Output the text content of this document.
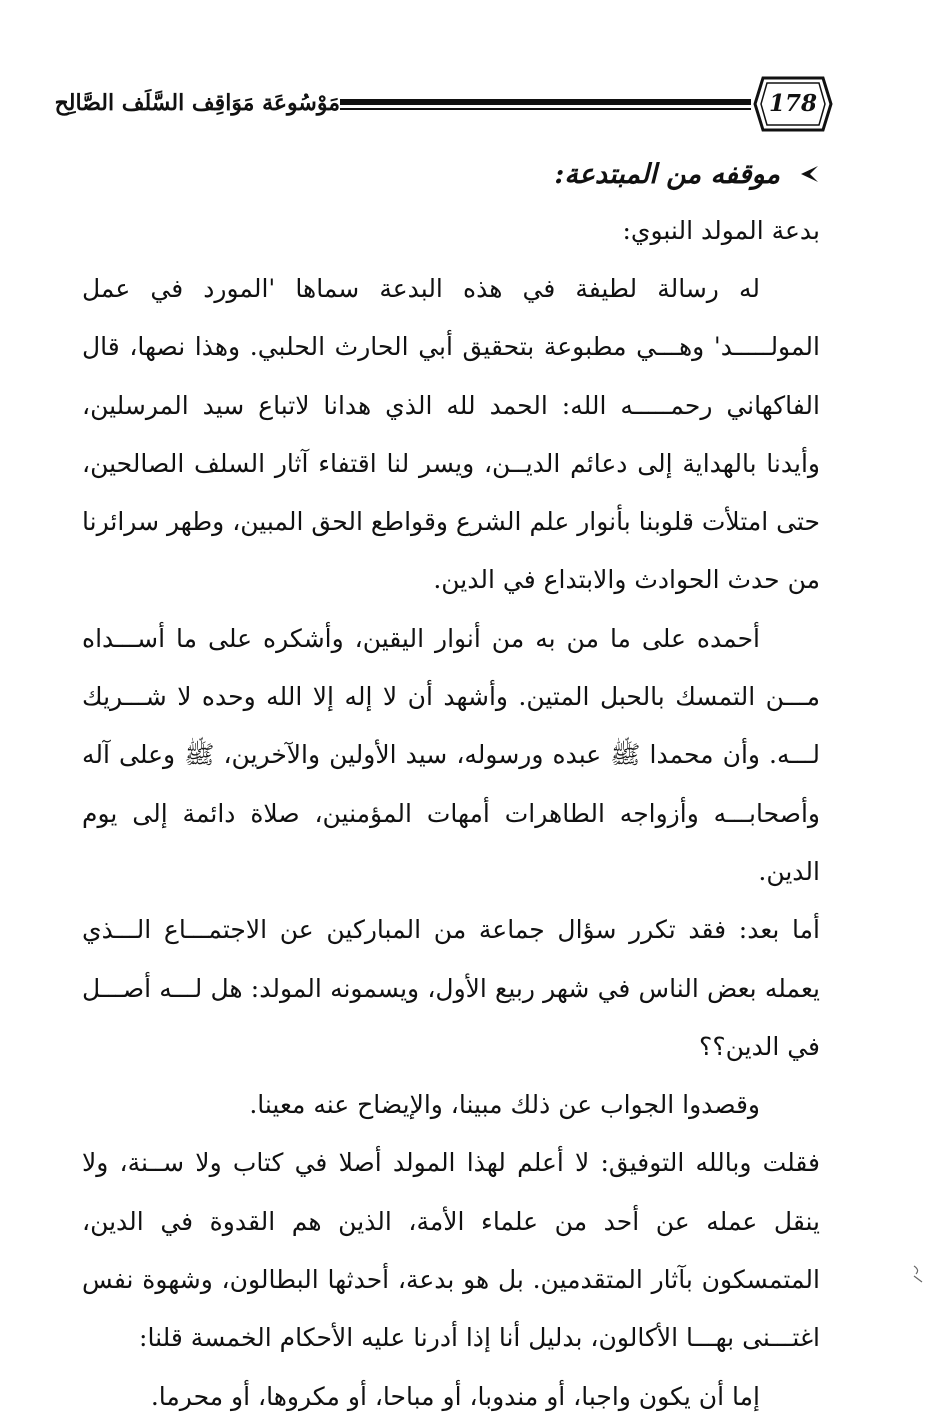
مَوْسُوعَة مَوَاقِف السَّلَف الصَّالِح	178
موقفه من المبتدعة:
بدعة المولد النبوي:

له رسالة لطيفة في هذه البدعة سماها 'المورد في عمل المولـــــد' وهـــي مطبوعة بتحقيق أبي الحارث الحلبي. وهذا نصها، قال الفاكهاني رحمـــــه الله: الحمد لله الذي هدانا لاتباع سيد المرسلين، وأيدنا بالهداية إلى دعائم الديــن، ويسر لنا اقتفاء آثار السلف الصالحين، حتى امتلأت قلوبنا بأنوار علم الشرع وقواطع الحق المبين، وطهر سرائرنا من حدث الحوادث والابتداع في الدين.

أحمده على ما من به من أنوار اليقين، وأشكره على ما أســـداه مـــن التمسك بالحبل المتين. وأشهد أن لا إله إلا الله وحده لا شـــريك لـــه. وأن محمدا ﷺ عبده ورسوله، سيد الأولين والآخرين، ﷺ وعلى آله وأصحابـــه وأزواجه الطاهرات أمهات المؤمنين، صلاة دائمة إلى يوم الدين.

أما بعد: فقد تكرر سؤال جماعة من المباركين عن الاجتمـــاع الـــذي يعمله بعض الناس في شهر ربيع الأول، ويسمونه المولد: هل لـــه أصـــل في الدين؟؟

وقصدوا الجواب عن ذلك مبينا، والإيضاح عنه معينا.

فقلت وبالله التوفيق: لا أعلم لهذا المولد أصلا في كتاب ولا ســنة، ولا ينقل عمله عن أحد من علماء الأمة، الذين هم القدوة في الدين، المتمسكون بآثار المتقدمين. بل هو بدعة، أحدثها البطالون، وشهوة نفس اغتـــنى بهـــا الأكالون، بدليل أنا إذا أدرنا عليه الأحكام الخمسة قلنا:

إما أن يكون واجبا، أو مندوبا، أو مباحا، أو مكروها، أو محرما.
